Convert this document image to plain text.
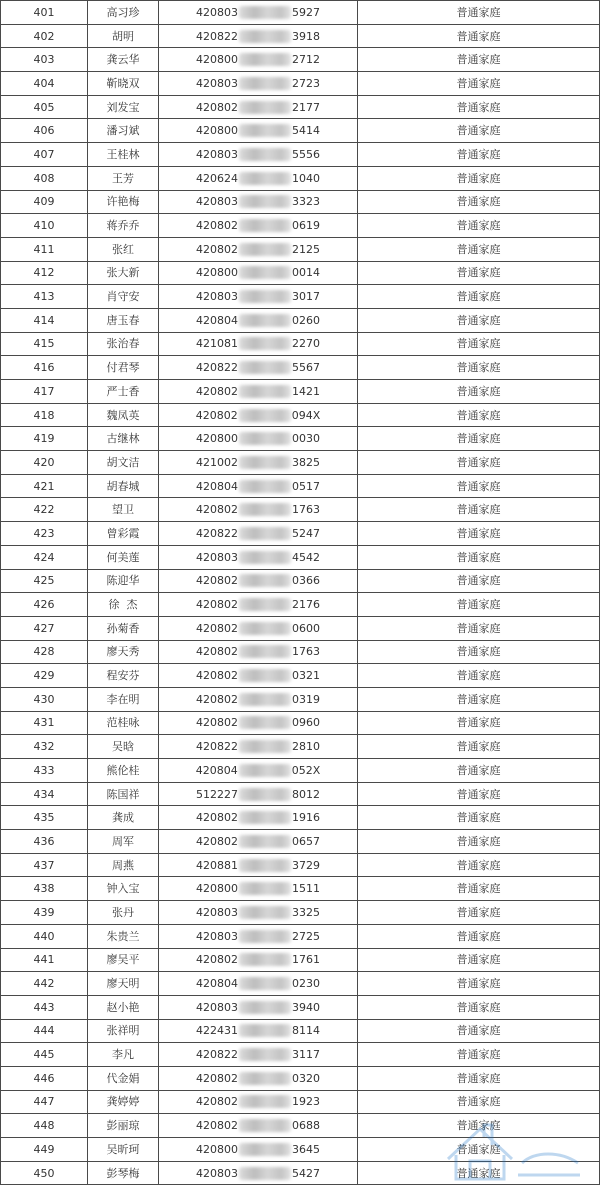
401	高习珍	420803 5927	普通家庭
402	胡明	420822 3918	普通家庭
403	龚云华	420800 2712	普通家庭
404	靳晓双	420803 2723	普通家庭
405	刘发宝	420802 2177	普通家庭
406	潘习斌	420800 5414	普通家庭
407	王桂林	420803 5556	普通家庭
408	王芳	420624 1040	普通家庭
409	许艳梅	420803 3323	普通家庭
410	蒋乔乔	420802 0619	普通家庭
411	张红	420802 2125	普通家庭
412	张大新	420800 0014	普通家庭
413	肖守安	420803 3017	普通家庭
414	唐玉春	420804 0260	普通家庭
415	张治春	421081 2270	普通家庭
416	付君琴	420822 5567	普通家庭
417	严士香	420802 1421	普通家庭
418	魏凤英	420802 094X	普通家庭
419	古继林	420800 0030	普通家庭
420	胡文洁	421002 3825	普通家庭
421	胡春城	420804 0517	普通家庭
422	望卫	420802 1763	普通家庭
423	曾彩霞	420822 5247	普通家庭
424	何美莲	420803 4542	普通家庭
425	陈迎华	420802 0366	普通家庭
426	徐  杰	420802 2176	普通家庭
427	孙菊香	420802 0600	普通家庭
428	廖天秀	420802 1763	普通家庭
429	程安芬	420802 0321	普通家庭
430	李在明	420802 0319	普通家庭
431	范桂咏	420802 0960	普通家庭
432	吴晗	420822 2810	普通家庭
433	熊伦桂	420804 052X	普通家庭
434	陈国祥	512227 8012	普通家庭
435	龚成	420802 1916	普通家庭
436	周军	420802 0657	普通家庭
437	周燕	420881 3729	普通家庭
438	钟入宝	420800 1511	普通家庭
439	张丹	420803 3325	普通家庭
440	朱贵兰	420803 2725	普通家庭
441	廖吴平	420802 1761	普通家庭
442	廖天明	420804 0230	普通家庭
443	赵小艳	420803 3940	普通家庭
444	张祥明	422431 8114	普通家庭
445	李凡	420822 3117	普通家庭
446	代金娟	420802 0320	普通家庭
447	龚婷婷	420802 1923	普通家庭
448	彭丽琼	420802 0688	普通家庭
449	吴昕珂	420800 3645	普通家庭
450	彭琴梅	420803 5427	普通家庭
